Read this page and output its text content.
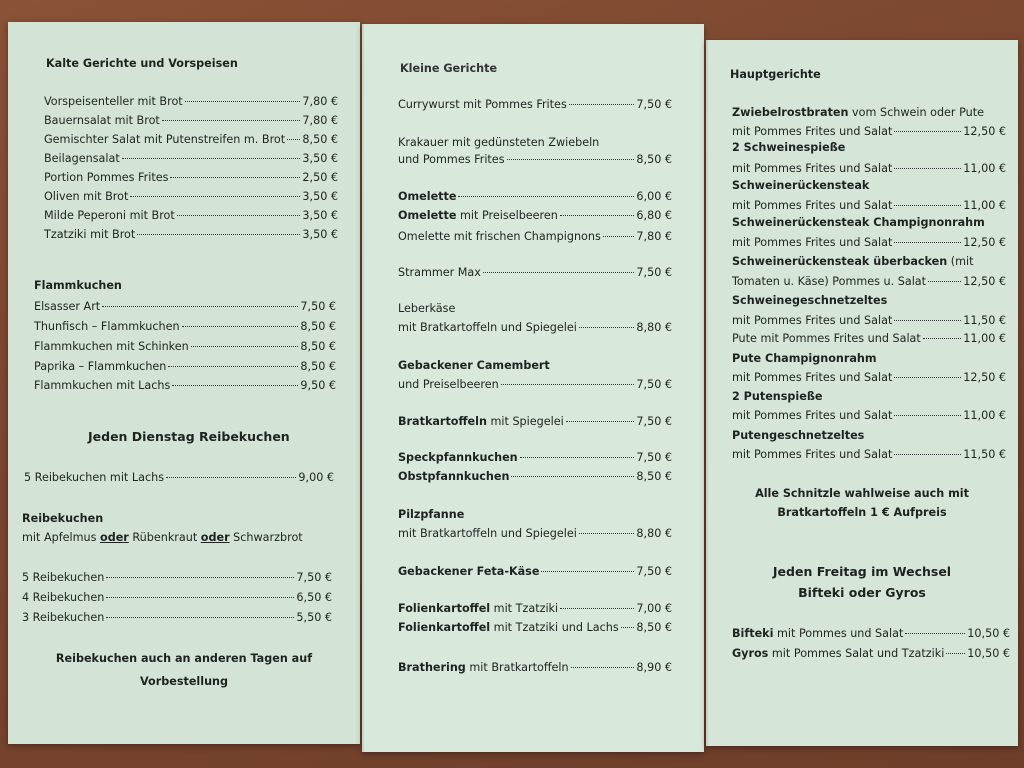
Kalte Gerichte und Vorspeisen
Vorspeisenteller mit Brot	7,80 €
Bauernsalat mit Brot	7,80 €
Gemischter Salat mit Putenstreifen m. Brot 8,50 €
Beilagensalat	3,50 €
Portion Pommes Frites	2,50 €
Oliven mit Brot	3,50 €
Milde Peperoni mit Brot	3,50 €
Tzatziki mit Brot	3,50 €
Flammkuchen
Elsasser Art	7,50 €
Thunfisch – Flammkuchen	8,50 €
Flammkuchen mit Schinken	8,50 €
Paprika – Flammkuchen	8,50 €
Flammkuchen mit Lachs	9,50 €
Jeden Dienstag Reibekuchen
5 Reibekuchen mit Lachs	9,00 €
Reibekuchen
mit Apfelmus oder Rübenkraut oder Schwarzbrot
5 Reibekuchen	7,50 €
4 Reibekuchen	6,50 €
3 Reibekuchen	5,50 €
Reibekuchen auch an anderen Tagen auf
Vorbestellung
Kleine Gerichte
Currywurst mit Pommes Frites	7,50 €
Krakauer mit gedünsteten Zwiebeln
und Pommes Frites	8,50 €
Omelette	6,00 €
Omelette mit Preiselbeeren	6,80 €
Omelette mit frischen Champignons	7,80 €
Strammer Max	7,50 €
Leberkäse
mit Bratkartoffeln und Spiegelei	8,80 €
Gebackener Camembert
und Preiselbeeren	7,50 €
Bratkartoffeln mit Spiegelei	7,50 €
Speckpfannkuchen	7,50 €
Obstpfannkuchen	8,50 €
Pilzpfanne
mit Bratkartoffeln und Spiegelei	8,80 €
Gebackener Feta-Käse	7,50 €
Folienkartoffel mit Tzatziki	7,00 €
Folienkartoffel mit Tzatziki und Lachs 8,50 €
Brathering mit Bratkartoffeln	8,90 €
Hauptgerichte
Zwiebelrostbraten vom Schwein oder Pute
mit Pommes Frites und Salat	12,50 €
2 Schweinespieße
mit Pommes Frites und Salat	11,00 €
Schweinerückensteak
mit Pommes Frites und Salat	11,00 €
Schweinerückensteak Champignonrahm
mit Pommes Frites und Salat	12,50 €
Schweinerückensteak überbacken (mit
Tomaten u. Käse) Pommes u. Salat	12,50 €
Schweinegeschnetzeltes
mit Pommes Frites und Salat	11,50 €
Pute mit Pommes Frites und Salat	11,00 €
Pute Champignonrahm
mit Pommes Frites und Salat	12,50 €
2 Putenspieße
mit Pommes Frites und Salat	11,00 €
Putengeschnetzeltes
mit Pommes Frites und Salat	11,50 €
Alle Schnitzle wahlweise auch mit
Bratkartoffeln 1 € Aufpreis
Jeden Freitag im Wechsel
Bifteki oder Gyros
Bifteki mit Pommes und Salat	10,50 €
Gyros mit Pommes Salat und Tzatziki 10,50 €
